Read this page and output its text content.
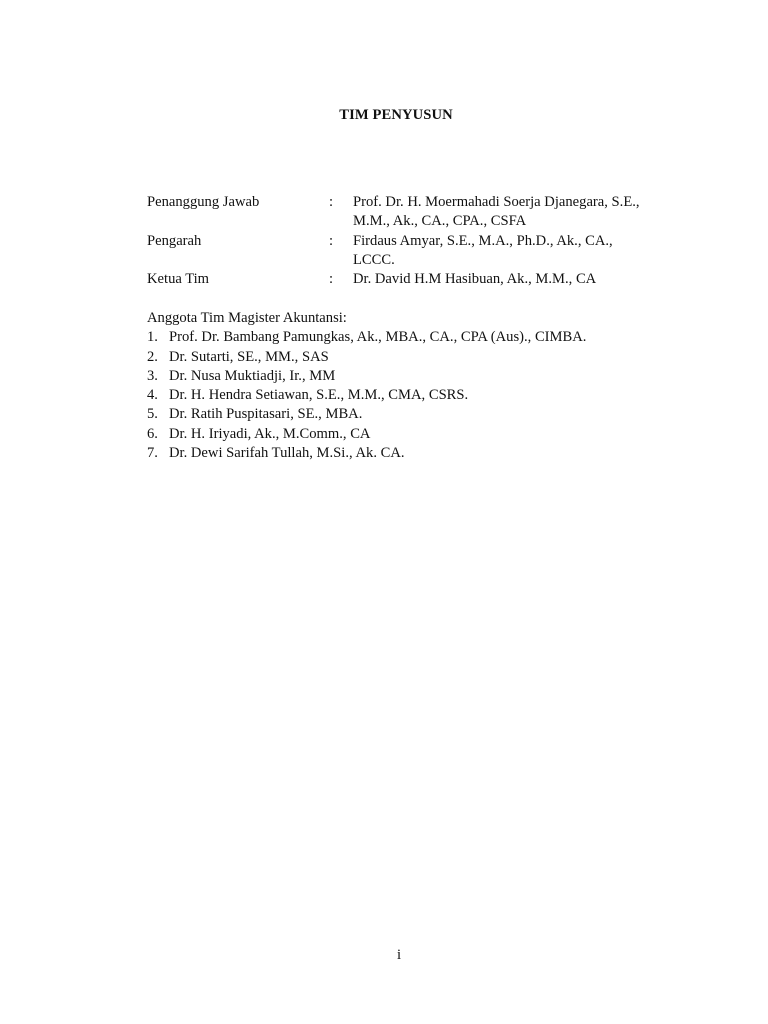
TIM PENYUSUN
Penanggung Jawab	:	Prof. Dr. H. Moermahadi Soerja Djanegara, S.E.,
M.M., Ak., CA., CPA., CSFA
Pengarah	:	Firdaus Amyar, S.E., M.A., Ph.D., Ak., CA.,
LCCC.
Ketua Tim	:	Dr. David H.M Hasibuan, Ak., M.M., CA

Anggota Tim Magister Akuntansi:

1. Prof. Dr. Bambang Pamungkas, Ak., MBA., CA., CPA (Aus)., CIMBA.
2. Dr. Sutarti, SE., MM., SAS
3. Dr. Nusa Muktiadji, Ir., MM
4. Dr. H. Hendra Setiawan, S.E., M.M., CMA, CSRS.
5. Dr. Ratih Puspitasari, SE., MBA.
6. Dr. H. Iriyadi, Ak., M.Comm., CA
7. Dr. Dewi Sarifah Tullah, M.Si., Ak. CA.
i
